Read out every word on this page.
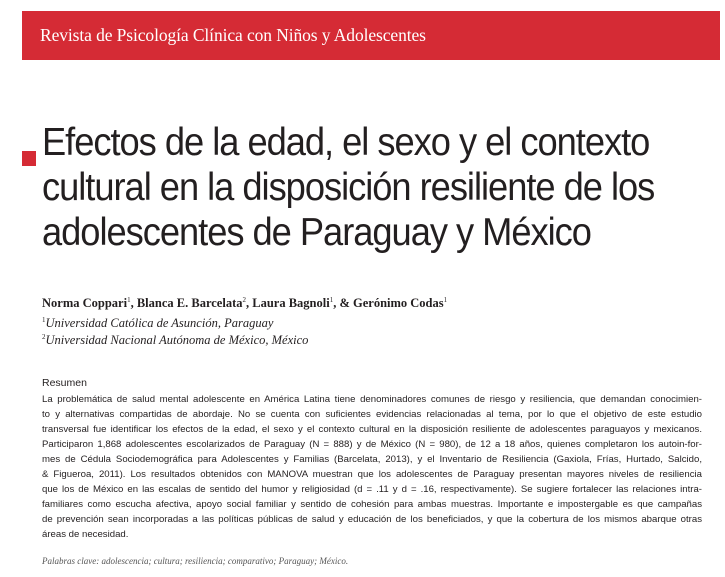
Revista de Psicología Clínica con Niños y Adolescentes
Efectos de la edad, el sexo y el contexto
cultural en la disposición resiliente de los
adolescentes de Paraguay y México
Norma Coppari$^1$, Blanca E. Barcelata$^2$, Laura Bagnoli$^1$, & Gerónimo Codas$^1$
$^1$Universidad Católica de Asunción, Paraguay
$^2$Universidad Nacional Autónoma de México, México
Resumen
La problemática de salud mental adolescente en América Latina tiene denominadores comunes de riesgo y resiliencia, que demandan conocimien-
to y alternativas compartidas de abordaje. No se cuenta con suficientes evidencias relacionadas al tema, por lo que el objetivo de este estudio
transversal fue identificar los efectos de la edad, el sexo y el contexto cultural en la disposición resiliente de adolescentes paraguayos y mexicanos.
Participaron 1,868 adolescentes escolarizados de Paraguay (N = 888) y de México (N = 980), de 12 a 18 años, quienes completaron los autoin-for-
mes de Cédula Sociodemográfica para Adolescentes y Familias (Barcelata, 2013), y el Inventario de Resiliencia (Gaxiola, Frías, Hurtado, Salcido,
& Figueroa, 2011). Los resultados obtenidos con MANOVA muestran que los adolescentes de Paraguay presentan mayores niveles de resiliencia
que los de México en las escalas de sentido del humor y religiosidad (d = .11 y d = .16, respectivamente). Se sugiere fortalecer las relaciones intra-
familiares como escucha afectiva, apoyo social familiar y sentido de cohesión para ambas muestras. Importante e impostergable es que campañas
de prevención sean incorporadas a las políticas públicas de salud y educación de los beneficiados, y que la cobertura de los mismos abarque otras
áreas de necesidad.
Palabras clave: adolescencia; cultura; resiliencia; comparativo; Paraguay; México.
